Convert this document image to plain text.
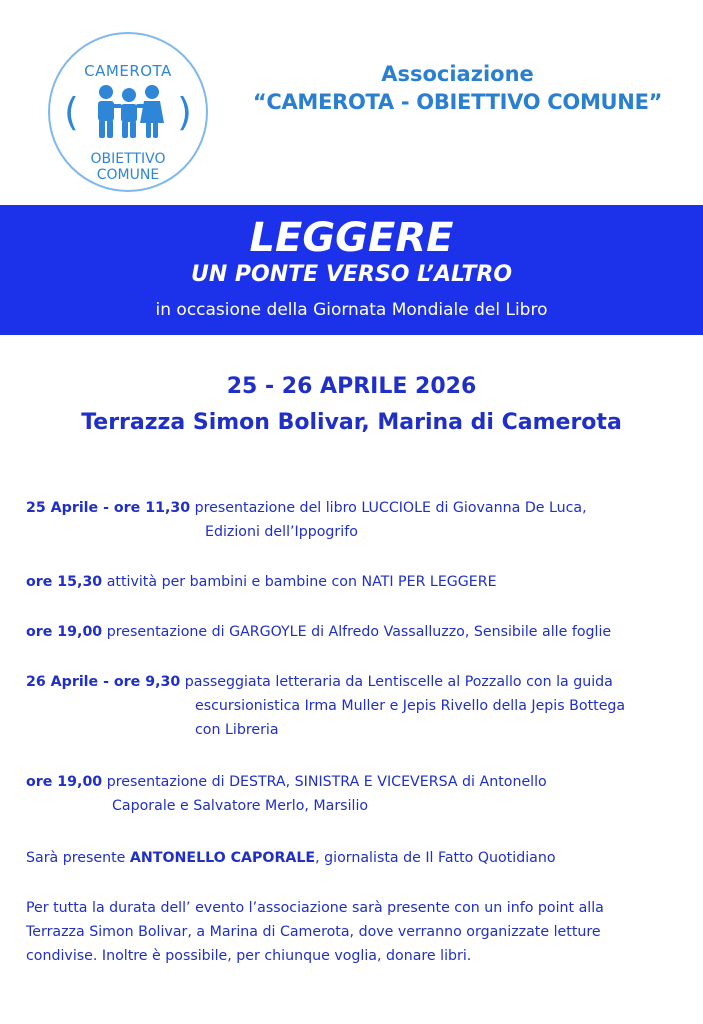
CAMEROTA
(	)
OBIETTIVO
COMUNE
Associazione
“CAMEROTA - OBIETTIVO COMUNE”
LEGGERE
UN PONTE VERSO L’ALTRO
in occasione della Giornata Mondiale del Libro
25 - 26 APRILE 2026
Terrazza Simon Bolivar, Marina di Camerota
25 Aprile - ore 11,30 presentazione del libro LUCCIOLE di Giovanna De Luca,
Edizioni dell’Ippogrifo
ore 15,30 attività per bambini e bambine con NATI PER LEGGERE
ore 19,00 presentazione di GARGOYLE di Alfredo Vassalluzzo, Sensibile alle foglie
26 Aprile - ore 9,30 passeggiata letteraria da Lentiscelle al Pozzallo con la guida
escursionistica Irma Muller e Jepis Rivello della Jepis Bottega
con Libreria
ore 19,00 presentazione di DESTRA, SINISTRA E VICEVERSA di Antonello
Caporale e Salvatore Merlo, Marsilio
Sarà presente ANTONELLO CAPORALE, giornalista de Il Fatto Quotidiano
Per tutta la durata dell’ evento l’associazione sarà presente con un info point alla
Terrazza Simon Bolivar, a Marina di Camerota, dove verranno organizzate letture
condivise. Inoltre è possibile, per chiunque voglia, donare libri.
